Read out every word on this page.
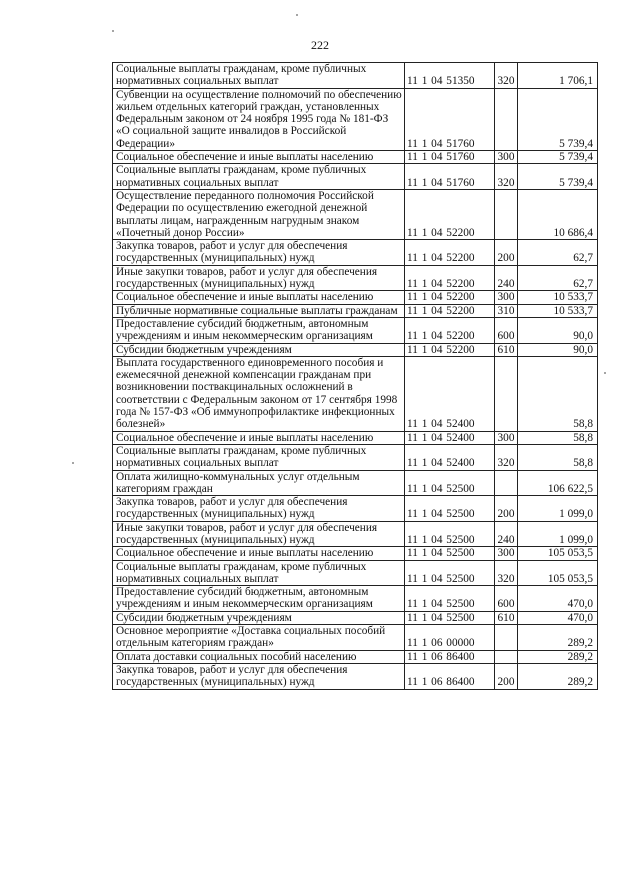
222
Социальные выплаты гражданам, кроме публичных нормативных социальных выплат	11 1 04 51350	320	1 706,1
Субвенции на осуществление полномочий по обеспечению жильем отдельных категорий граждан, установленных Федеральным законом от 24 ноября 1995 года № 181-ФЗ «О социальной защите инвалидов в Российской Федерации»	11 1 04 51760		5 739,4
Социальное обеспечение и иные выплаты населению	11 1 04 51760	300	5 739,4
Социальные выплаты гражданам, кроме публичных нормативных социальных выплат	11 1 04 51760	320	5 739,4
Осуществление переданного полномочия Российской Федерации по осуществлению ежегодной денежной выплаты лицам, награжденным нагрудным знаком «Почетный донор России»	11 1 04 52200		10 686,4
Закупка товаров, работ и услуг для обеспечения государственных (муниципальных) нужд	11 1 04 52200	200	62,7
Иные закупки товаров, работ и услуг для обеспечения государственных (муниципальных) нужд	11 1 04 52200	240	62,7
Социальное обеспечение и иные выплаты населению	11 1 04 52200	300	10 533,7
Публичные нормативные социальные выплаты гражданам	11 1 04 52200	310	10 533,7
Предоставление субсидий бюджетным, автономным учреждениям и иным некоммерческим организациям	11 1 04 52200	600	90,0
Субсидии бюджетным учреждениям	11 1 04 52200	610	90,0
Выплата государственного единовременного пособия и ежемесячной денежной компенсации гражданам при возникновении поствакцинальных осложнений в соответствии с Федеральным законом от 17 сентября 1998 года № 157-ФЗ «Об иммунопрофилактике инфекционных болезней»	11 1 04 52400		58,8
Социальное обеспечение и иные выплаты населению	11 1 04 52400	300	58,8
Социальные выплаты гражданам, кроме публичных нормативных социальных выплат	11 1 04 52400	320	58,8
Оплата жилищно-коммунальных услуг отдельным категориям граждан	11 1 04 52500		106 622,5
Закупка товаров, работ и услуг для обеспечения государственных (муниципальных) нужд	11 1 04 52500	200	1 099,0
Иные закупки товаров, работ и услуг для обеспечения государственных (муниципальных) нужд	11 1 04 52500	240	1 099,0
Социальное обеспечение и иные выплаты населению	11 1 04 52500	300	105 053,5
Социальные выплаты гражданам, кроме публичных нормативных социальных выплат	11 1 04 52500	320	105 053,5
Предоставление субсидий бюджетным, автономным учреждениям и иным некоммерческим организациям	11 1 04 52500	600	470,0
Субсидии бюджетным учреждениям	11 1 04 52500	610	470,0
Основное мероприятие «Доставка социальных пособий отдельным категориям граждан»	11 1 06 00000		289,2
Оплата доставки социальных пособий населению	11 1 06 86400		289,2
Закупка товаров, работ и услуг для обеспечения государственных (муниципальных) нужд	11 1 06 86400	200	289,2
